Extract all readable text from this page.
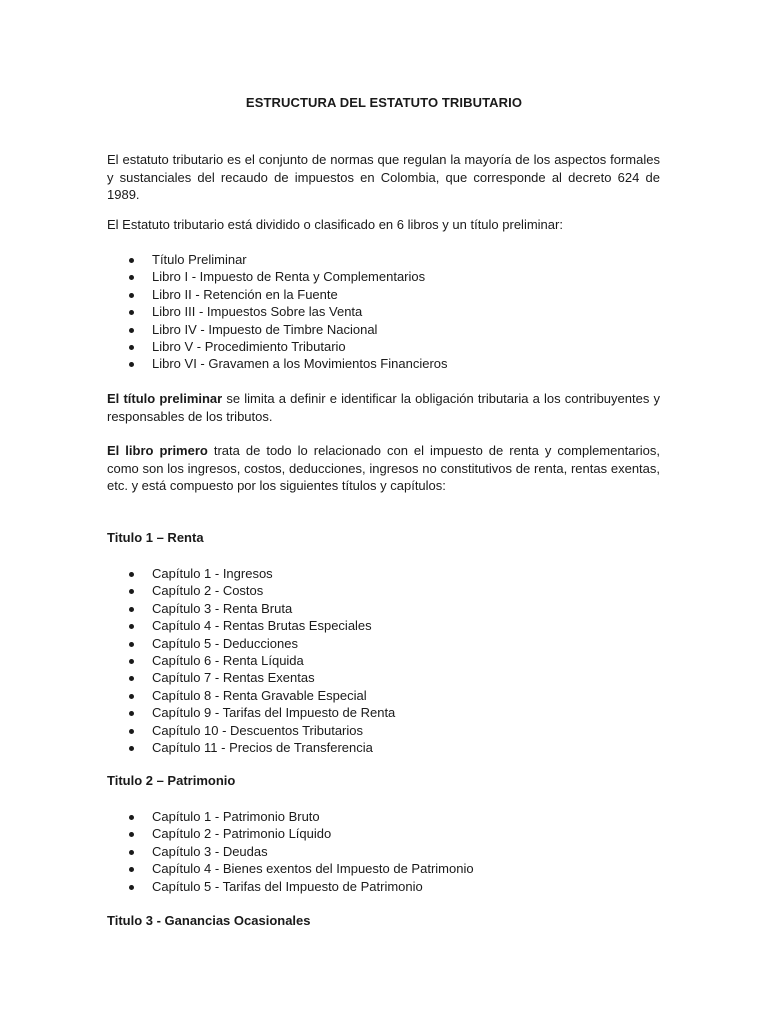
ESTRUCTURA DEL ESTATUTO TRIBUTARIO

El estatuto tributario es el conjunto de normas que regulan la mayoría de los aspectos formales y sustanciales del recaudo de impuestos en Colombia, que corresponde al decreto 624 de 1989.

El Estatuto tributario está dividido o clasificado en 6 libros y un título preliminar:

Título Preliminar
Libro I - Impuesto de Renta y Complementarios
Libro II - Retención en la Fuente
Libro III - Impuestos Sobre las Venta
Libro IV - Impuesto de Timbre Nacional
Libro V - Procedimiento Tributario
Libro VI - Gravamen a los Movimientos Financieros

El título preliminar se limita a definir e identificar la obligación tributaria a los contribuyentes y responsables de los tributos.

El libro primero trata de todo lo relacionado con el impuesto de renta y complementarios, como son los ingresos, costos, deducciones, ingresos no constitutivos de renta, rentas exentas, etc. y está compuesto por los siguientes títulos y capítulos:

Titulo 1 – Renta
Capítulo 1 - Ingresos
Capítulo 2 - Costos
Capítulo 3 - Renta Bruta
Capítulo 4 - Rentas Brutas Especiales
Capítulo 5 - Deducciones
Capítulo 6 - Renta Líquida
Capítulo 7 - Rentas Exentas
Capítulo 8 - Renta Gravable Especial
Capítulo 9 - Tarifas del Impuesto de Renta
Capítulo 10 - Descuentos Tributarios
Capítulo 11 - Precios de Transferencia
Titulo 2 – Patrimonio
Capítulo 1 - Patrimonio Bruto
Capítulo 2 - Patrimonio Líquido
Capítulo 3 - Deudas
Capítulo 4 - Bienes exentos del Impuesto de Patrimonio
Capítulo 5 - Tarifas del Impuesto de Patrimonio
Titulo 3 - Ganancias Ocasionales
